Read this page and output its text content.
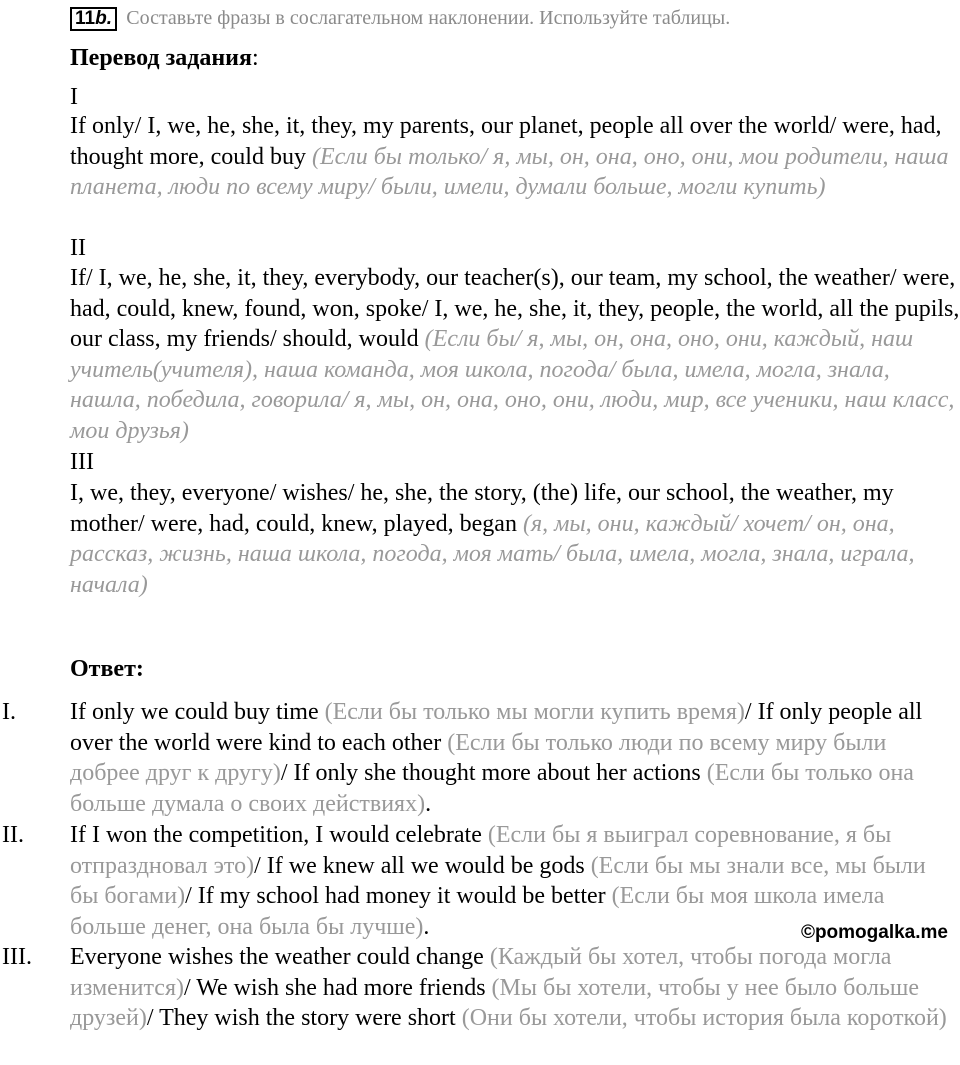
11b. Составьте фразы в сослагательном наклонении. Используйте таблицы.
Перевод задания:
I
If only/ I, we, he, she, it, they, my parents, our planet, people all over the world/ were, had, thought more, could buy (Если бы только/ я, мы, он, она, оно, они, мои родители, наша планета, люди по всему миру/ были, имели, думали больше, могли купить)
II
If/ I, we, he, she, it, they, everybody, our teacher(s), our team, my school, the weather/ were, had, could, knew, found, won, spoke/ I, we, he, she, it, they, people, the world, all the pupils, our class, my friends/ should, would (Если бы/ я, мы, он, она, оно, они, каждый, наш учитель(учителя), наша команда, моя школа, погода/ была, имела, могла, знала, нашла, победила, говорила/ я, мы, он, она, оно, они, люди, мир, все ученики, наш класс, мои друзья)
III
I, we, they, everyone/ wishes/ he, she, the story, (the) life, our school, the weather, my mother/ were, had, could, knew, played, began (я, мы, они, каждый/ хочет/ он, она, рассказ, жизнь, наша школа, погода, моя мать/ была, имела, могла, знала, играла, начала)
Ответ:
I. If only we could buy time (Если бы только мы могли купить время)/ If only people all over the world were kind to each other (Если бы только люди по всему миру были добрее друг к другу)/ If only she thought more about her actions (Если бы только она больше думала о своих действиях).
II. If I won the competition, I would celebrate (Если бы я выиграл соревнование, я бы отпраздновал это)/ If we knew all we would be gods (Если бы мы знали все, мы были бы богами)/ If my school had money it would be better (Если бы моя школа имела больше денег, она была бы лучше).
III. Everyone wishes the weather could change (Каждый бы хотел, чтобы погода могла изменится)/ We wish she had more friends (Мы бы хотели, чтобы у нее было больше друзей)/ They wish the story were short (Они бы хотели, чтобы история была короткой)
©pomogalka.me
